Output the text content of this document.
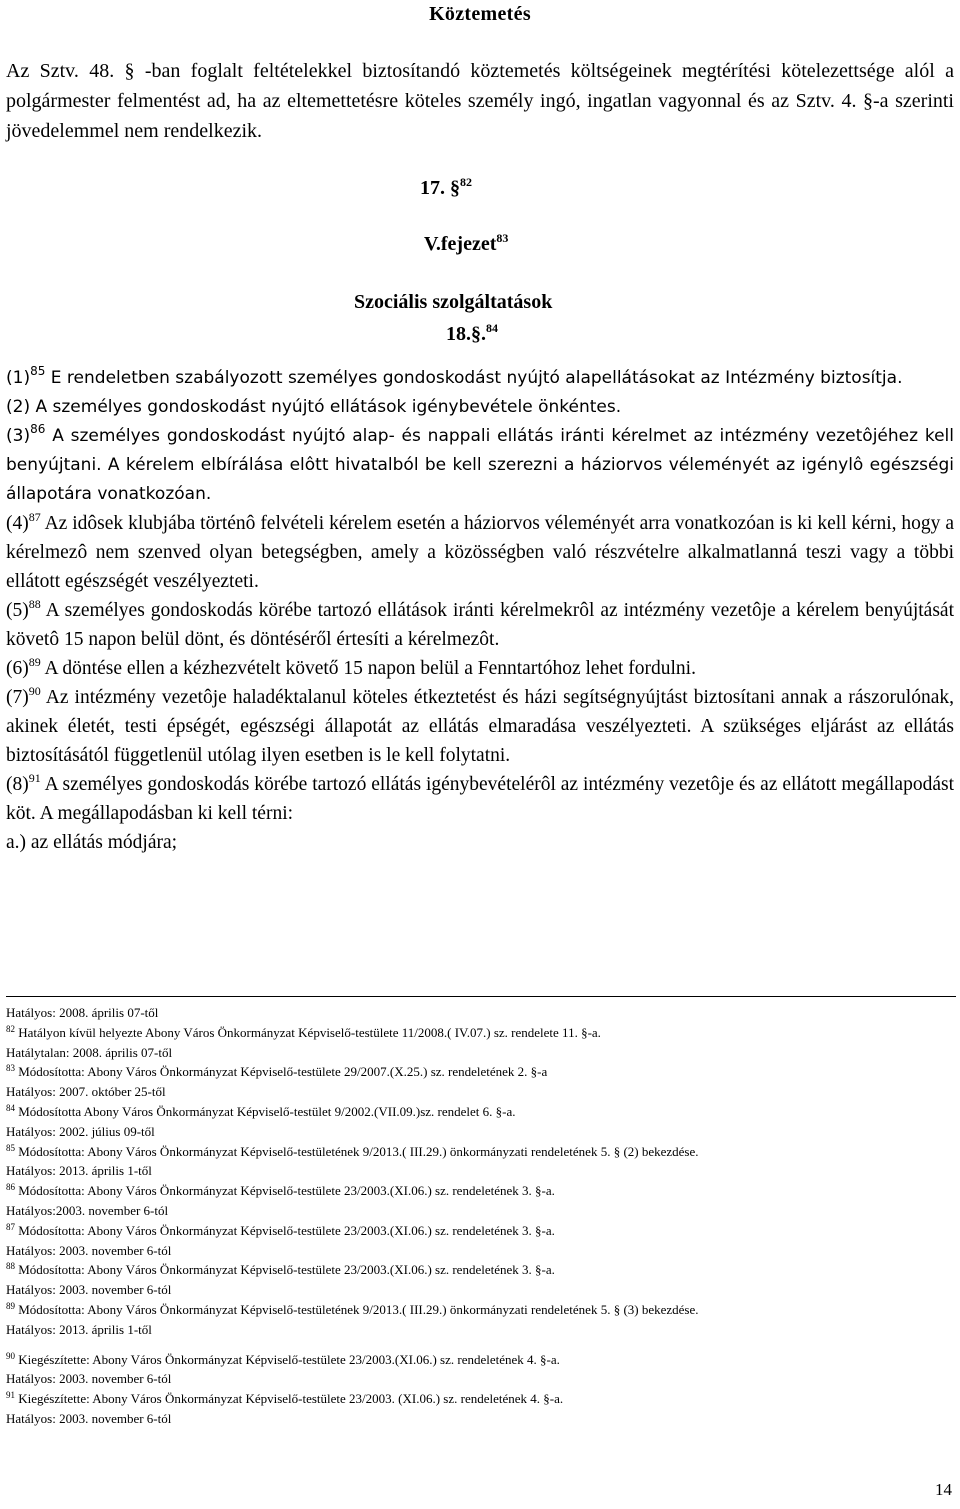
Köztemetés

Az Sztv. 48. § -ban foglalt feltételekkel biztosítandó köztemetés költségeinek megtérítési kötelezettsége alól a polgármester felmentést ad, ha az eltemettetésre köteles személy ingó, ingatlan vagyonnal és az Sztv. 4. §-a szerinti jövedelemmel nem rendelkezik.

17. §$^{82}$
V.fejezet$^{83}$
Szociális szolgáltatások
18.§.$^{84}$

$(1)^{85}$ E rendeletben szabályozott személyes gondoskodást nyújtó alapellátásokat az Intézmény biztosítja.

(2) A személyes gondoskodást nyújtó ellátások igénybevétele önkéntes.

$(3)^{86}$ A személyes gondoskodást nyújtó alap- és nappali ellátás iránti kérelmet az intézmény vezetôjéhez kell benyújtani. A kérelem elbírálása elôtt hivatalból be kell szerezni a háziorvos véleményét az igénylô egészségi állapotára vonatkozóan.

$(4)^{87}$ Az idôsek klubjába történô felvételi kérelem esetén a háziorvos véleményét arra vonatkozóan is ki kell kérni, hogy a kérelmezô nem szenved olyan betegségben, amely a közösségben való részvételre alkalmatlanná teszi vagy a többi ellátott egészségét veszélyezteti.

$(5)^{88}$ A személyes gondoskodás körébe tartozó ellátások iránti kérelmekrôl az intézmény vezetôje a kérelem benyújtását követô 15 napon belül dönt, és döntéséről értesíti a kérelmezôt.

$(6)^{89}$ A döntése ellen a kézhezvételt követő 15 napon belül a Fenntartóhoz lehet fordulni.

$(7)^{90}$ Az intézmény vezetôje haladéktalanul köteles étkeztetést és házi segítségnyújtást biztosítani annak a rászorulónak, akinek életét, testi épségét, egészségi állapotát az ellátás elmaradása veszélyezteti. A szükséges eljárást az ellátás biztosításától függetlenül utólag ilyen esetben is le kell folytatni.

$(8)^{91}$ A személyes gondoskodás körébe tartozó ellátás igénybevételérôl az intézmény vezetôje és az ellátott megállapodást köt. A megállapodásban ki kell térni:

a.) az ellátás módjára;

Hatályos: 2008. április 07-től
$^{82}$ Hatályon kívül helyezte Abony Város Önkormányzat Képviselő-testülete 11/2008.( IV.07.) sz. rendelete 11. §-a.
Hatálytalan: 2008. április 07-től
$^{83}$ Módosította: Abony Város Önkormányzat Képviselő-testülete 29/2007.(X.25.) sz. rendeletének 2. §-a
Hatályos: 2007. október 25-től
$^{84}$ Módosította Abony Város Önkormányzat Képviselő-testület 9/2002.(VII.09.)sz. rendelet 6. §-a.
Hatályos: 2002. július 09-től
$^{85}$ Módosította: Abony Város Önkormányzat Képviselő-testületének 9/2013.( III.29.) önkormányzati rendeletének 5. § (2) bekezdése.
Hatályos: 2013. április 1-től
$^{86}$ Módosította: Abony Város Önkormányzat Képviselő-testülete 23/2003.(XI.06.) sz. rendeletének 3. §-a.
Hatályos:2003. november 6-tól
$^{87}$ Módosította: Abony Város Önkormányzat Képviselő-testülete 23/2003.(XI.06.) sz. rendeletének 3. §-a.
Hatályos: 2003. november 6-tól
$^{88}$ Módosította: Abony Város Önkormányzat Képviselő-testülete 23/2003.(XI.06.) sz. rendeletének 3. §-a.
Hatályos: 2003. november 6-tól
$^{89}$ Módosította: Abony Város Önkormányzat Képviselő-testületének 9/2013.( III.29.) önkormányzati rendeletének 5. § (3) bekezdése.
Hatályos: 2013. április 1-től
$^{90}$ Kiegészítette: Abony Város Önkormányzat Képviselő-testülete 23/2003.(XI.06.) sz. rendeletének 4. §-a.
Hatályos: 2003. november 6-tól
$^{91}$ Kiegészítette: Abony Város Önkormányzat Képviselő-testülete 23/2003. (XI.06.) sz. rendeletének 4. §-a.
Hatályos: 2003. november 6-tól
14
